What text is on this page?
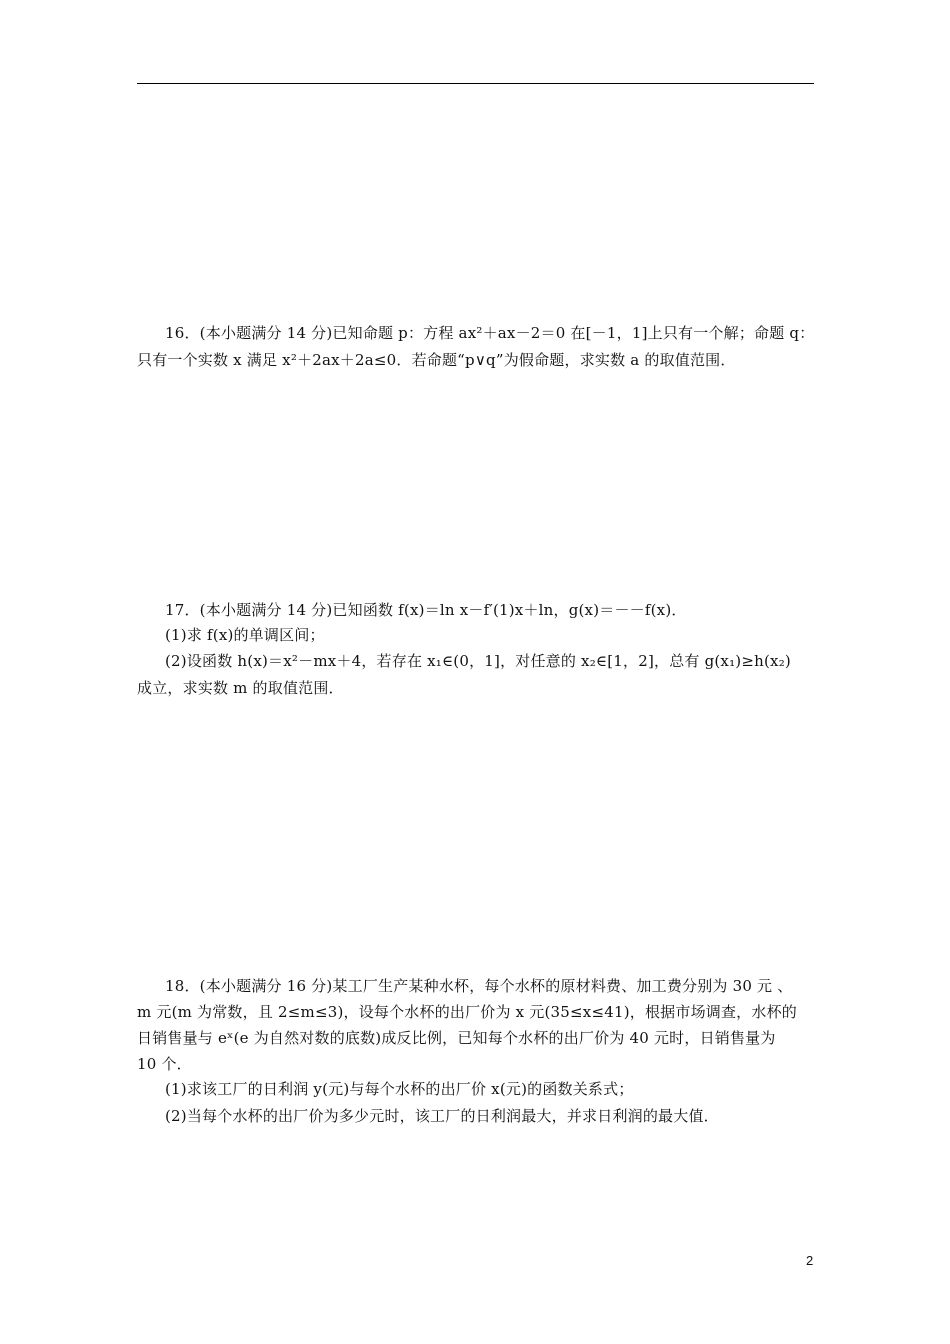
16．(本小题满分 14 分)已知命题 p：方程 ax²＋ax－2＝0 在[－1，1]上只有一个解；命题 q：
只有一个实数 x 满足 x²＋2ax＋2a≤0．若命题“p∨q”为假命题，求实数 a 的取值范围．
17．(本小题满分 14 分)已知函数 f(x)＝ln x－f′(1)x＋ln，g(x)＝－－f(x)．
(1)求 f(x)的单调区间；
(2)设函数 h(x)＝x²－mx＋4，若存在 x₁∈(0，1]，对任意的 x₂∈[1，2]，总有 g(x₁)≥h(x₂)
成立，求实数 m 的取值范围．
18．(本小题满分 16 分)某工厂生产某种水杯，每个水杯的原材料费、加工费分别为 30 元 、
m 元(m 为常数，且 2≤m≤3)，设每个水杯的出厂价为 x 元(35≤x≤41)，根据市场调查，水杯的
日销售量与 eˣ(e 为自然对数的底数)成反比例，已知每个水杯的出厂价为 40 元时，日销售量为
10 个．
(1)求该工厂的日利润 y(元)与每个水杯的出厂价 x(元)的函数关系式；
(2)当每个水杯的出厂价为多少元时，该工厂的日利润最大，并求日利润的最大值．
2
